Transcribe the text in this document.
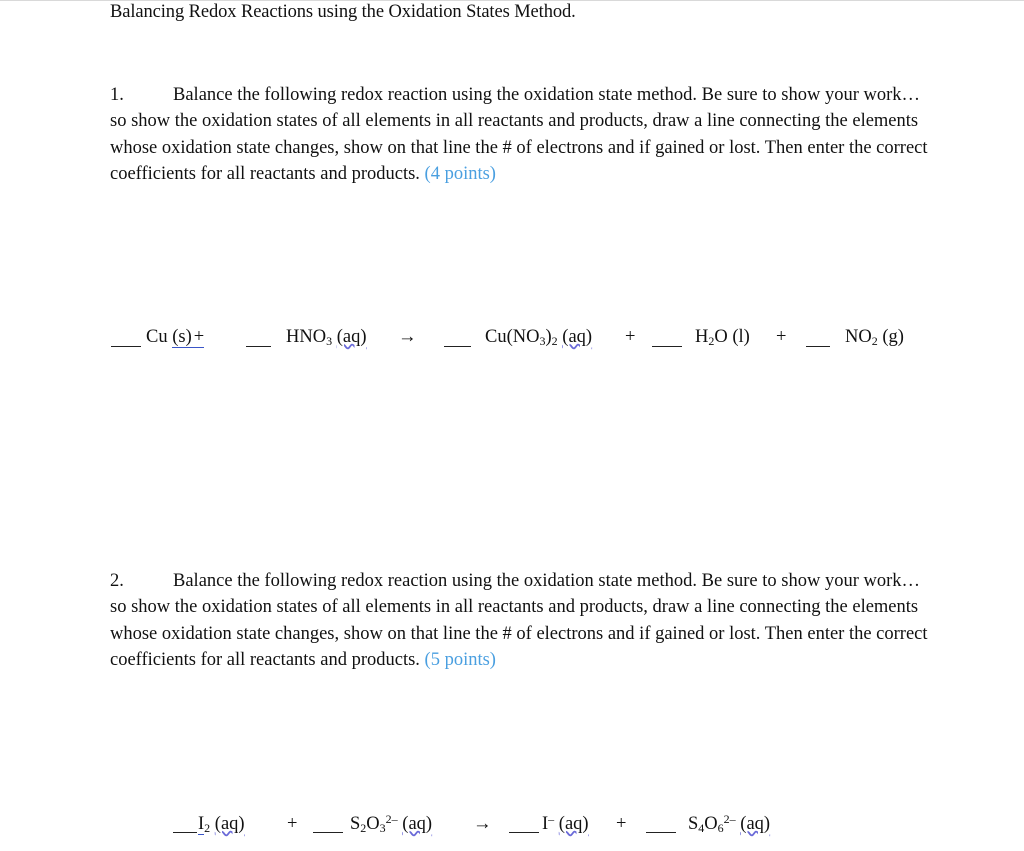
Balancing Redox Reactions using the Oxidation States Method.
1.	Balance the following redox reaction using the oxidation state method. Be sure to show your work… so show the oxidation states of all elements in all reactants and products, draw a line connecting the elements whose oxidation state changes, show on that line the # of electrons and if gained or lost. Then enter the correct coefficients for all reactants and products. (4 points)
Cu (s) +	$HNO_3$ (aq) →	$Cu(NO_3)_2$ (aq) +	$H_2O$ (l) +	$NO_2$ (g)
2.	Balance the following redox reaction using the oxidation state method. Be sure to show your work… so show the oxidation states of all elements in all reactants and products, draw a line connecting the elements whose oxidation state changes, show on that line the # of electrons and if gained or lost. Then enter the correct coefficients for all reactants and products. (5 points)
$I_2$ (aq) +	$S_2O_3^{2-}$ (aq) →	I– (aq) +	$S_4O_6^{2-}$ (aq)
